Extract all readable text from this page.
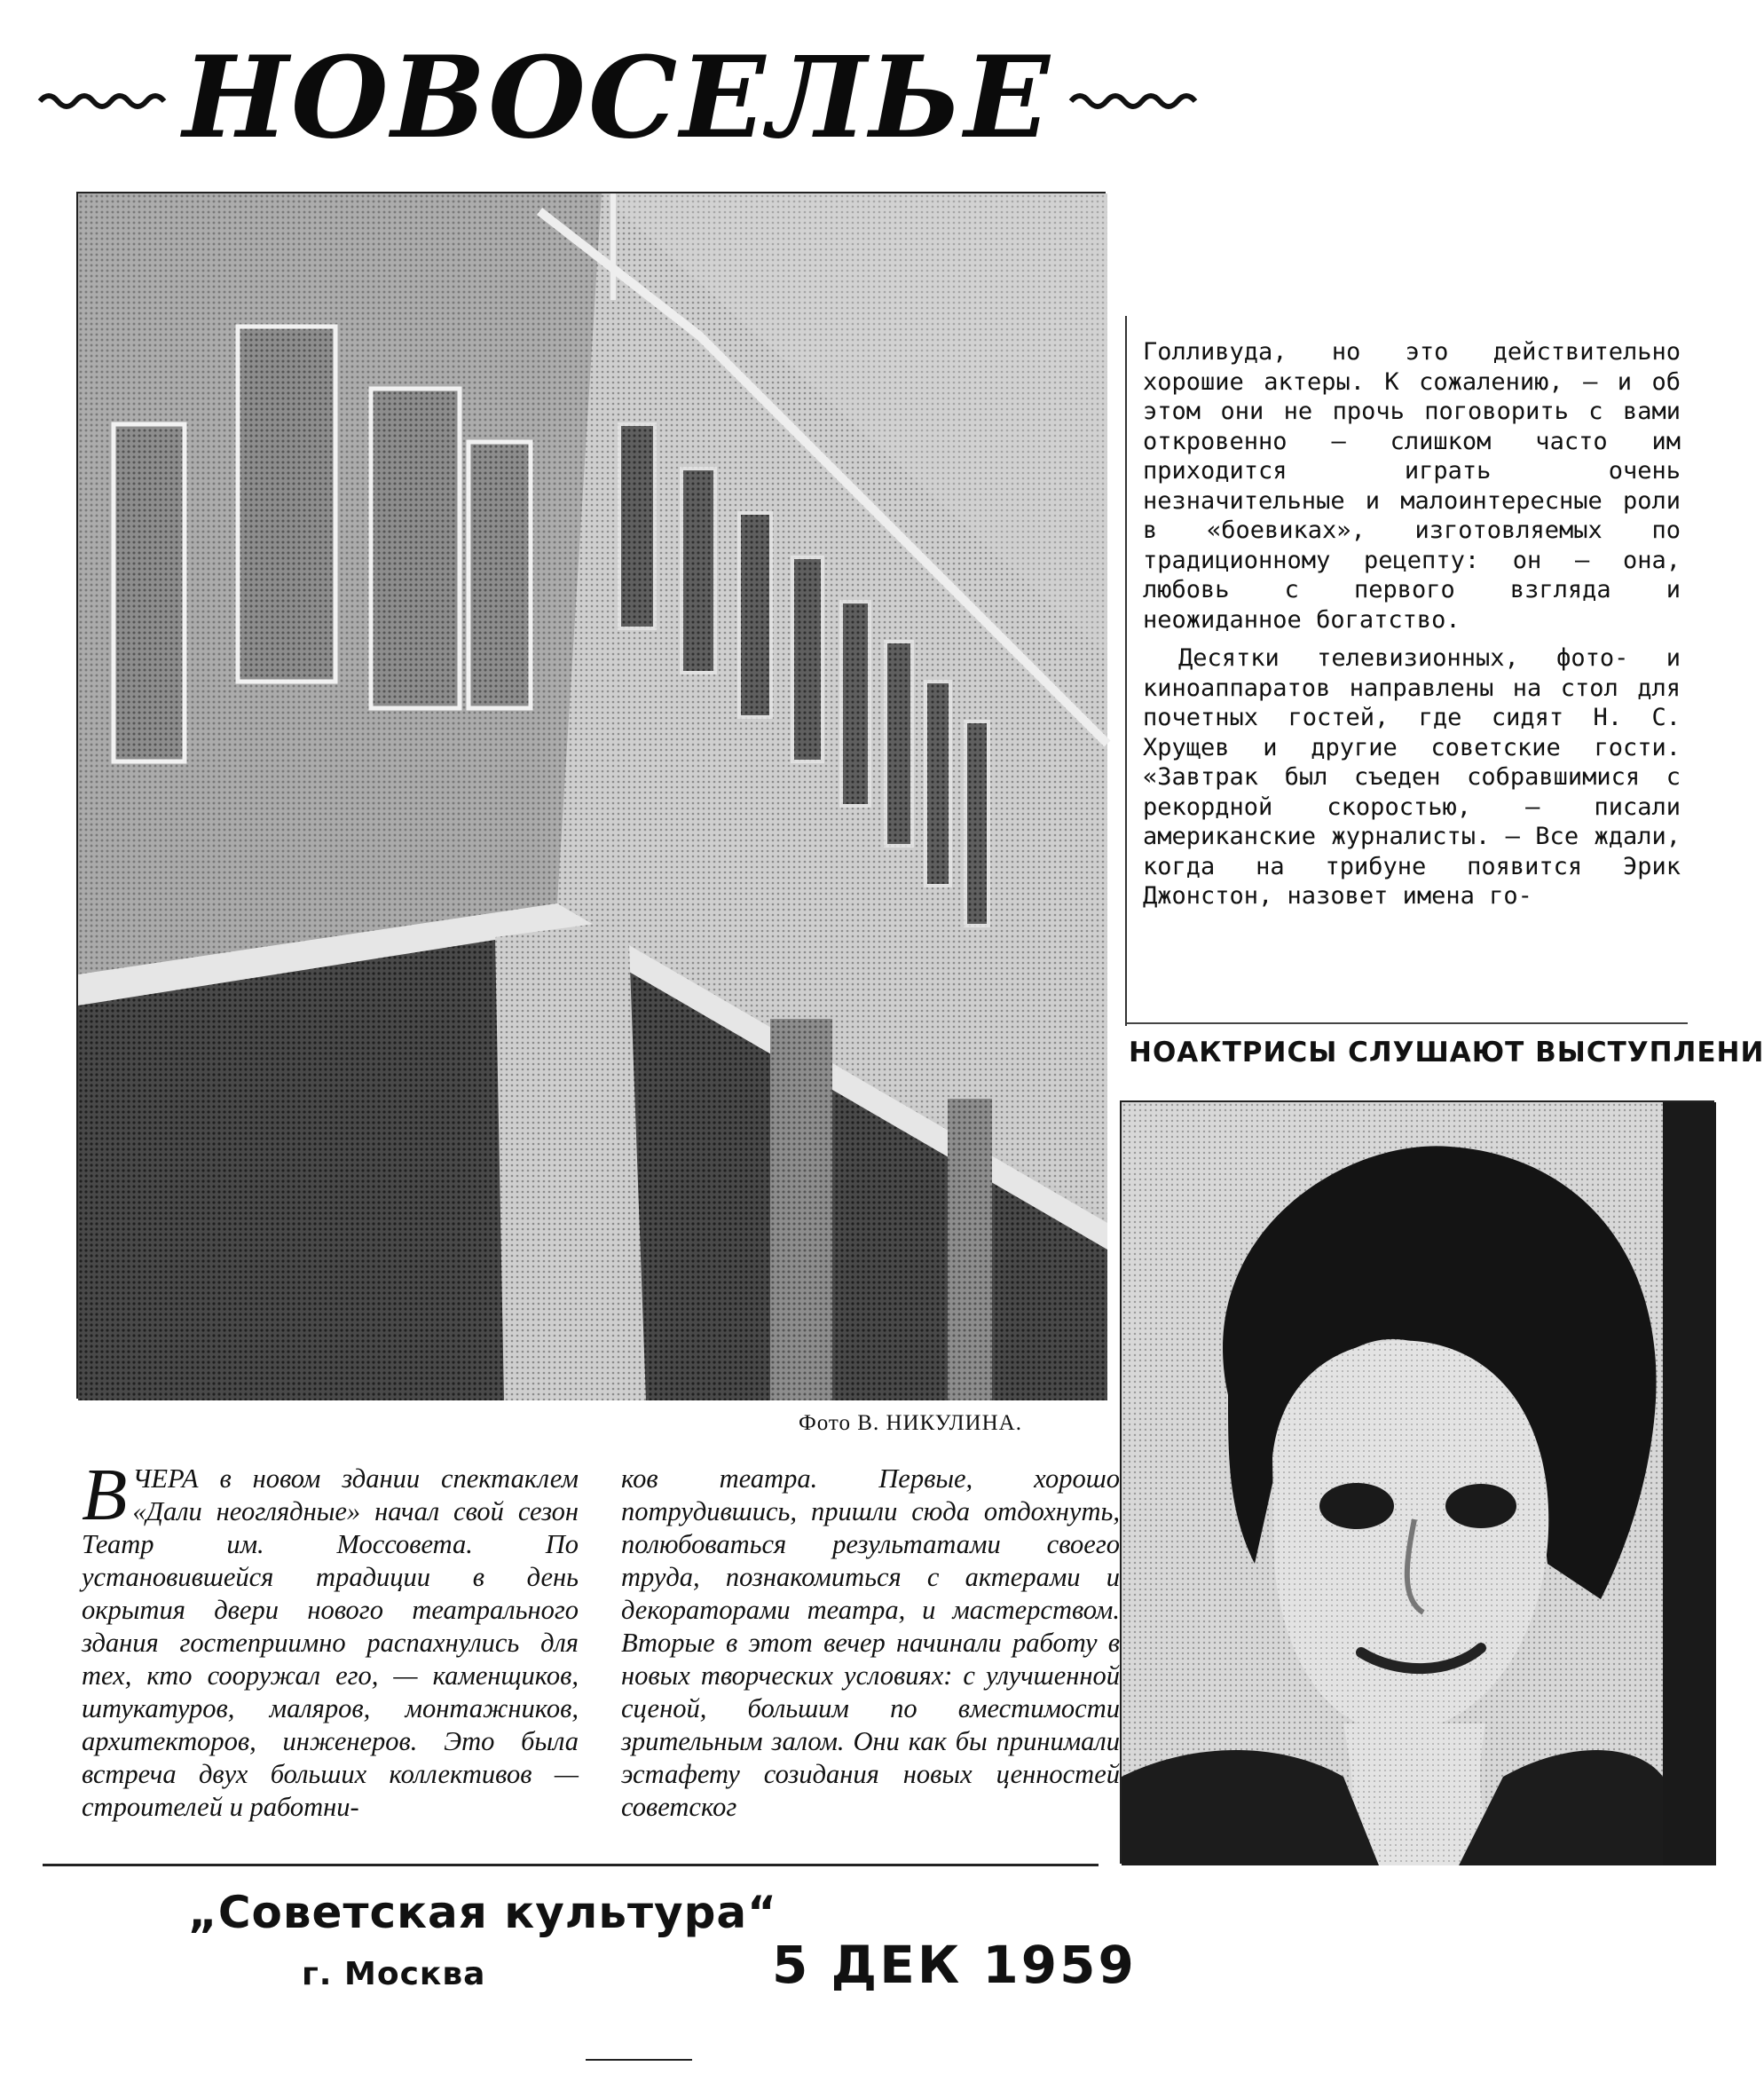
НОВОСЕЛЬЕ
Фото В. НИКУЛИНА.

ВЧЕРА в новом здании спектаклем «Дали неоглядные» начал свой сезон Театр им. Моссовета. По установившейся традиции в день окрытия двери нового театрального здания гостеприимно распахнулись для тех, кто сооружал его, — каменщиков, штукатуров, маляров, монтажников, архитекторов, инженеров. Это была встреча двух больших коллективов — строителей и работни-

ков театра. Первые, хорошо потрудившись, пришли сюда отдохнуть, полюбоваться результатами своего труда, познакомиться с актерами и декораторами театра, и мастерством. Вторые в этот вечер начинали работу в новых творческих условиях: с улучшенной сценой, большим по вместимости зрительным залом. Они как бы принимали эстафету созидания новых ценностей советског

Голливуда, но это действительно хорошие актеры. К сожалению, — и об этом они не прочь поговорить с вами откровенно — слишком часто им приходится играть очень незначительные и малоинтересные роли в «боевиках», изготовляемых по традиционному рецепту: он — она, любовь с первого взгляда и неожиданное богатство.

Десятки телевизионных, фото- и киноаппаратов направлены на стол для почетных гостей, где сидят Н. С. Хрущев и другие советские гости. «Завтрак был съеден собравшимися с рекордной скоростью, — писали американские журналисты. — Все ждали, когда на трибуне появится Эрик Джонстон, назовет имена го-

НОАКТРИСЫ СЛУШАЮТ ВЫСТУПЛЕНИ
„Советская культура“
г. Москва	5 ДЕК 1959
